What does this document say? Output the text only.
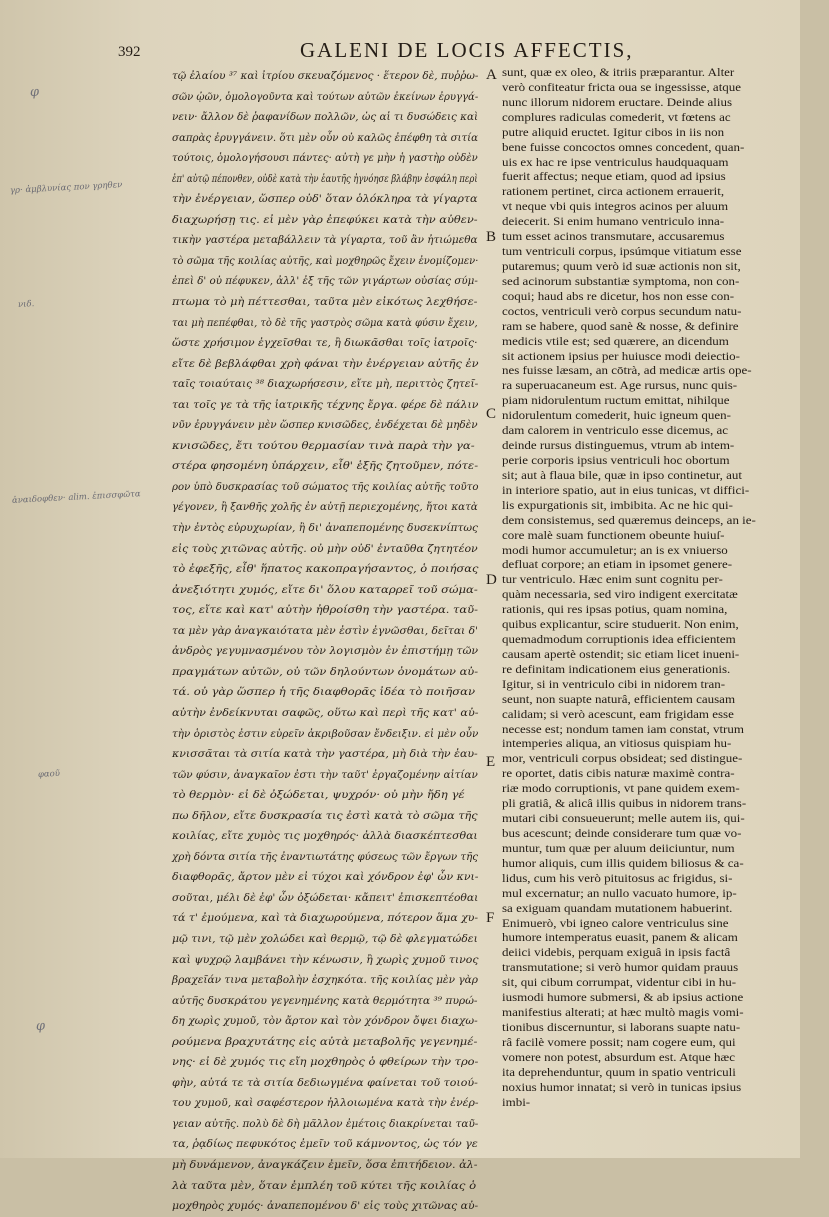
392	GALENI DE LOCIS AFFECTIS,
τῷ ἐλαίου ³⁷ καὶ ἰτρίου σκευαζόμενος · ἕτερον δὲ, πυῤῥω-
σῶν ᾠῶν, ὁμολογοῦντα καὶ τούτων αὐτῶν ἐκείνων ἐρυγγά-
νειν· ἄλλον δὲ ῥαφανίδων πολλῶν, ὡς αἱ τι δυσώδεις καὶ
σαπρὰς ἐρυγγάνειν. ὅτι μὲν οὖν οὐ καλῶς ἐπέφθη τὰ σιτία
τούτοις, ὁμολογήσουσι πάντες· αὐτὴ γε μὴν ἡ γαστὴρ οὐδὲν
ἐπ' αὐτῷ πέπονθεν, οὐδὲ κατὰ τὴν ἑαυτῆς ἠγνόησε βλάβην ἐσφάλη περὶ
τὴν ἐνέργειαν, ὥσπερ οὐδ' ὅταν ὁλόκληρα τὰ γίγαρτα
διαχωρήσῃ τις. εἰ μὲν γὰρ ἐπεφύκει κατὰ τὴν αὐθεν-
τικὴν γαστέρα μεταβάλλειν τὰ γίγαρτα, τοῦ ἂν ἠτιώμεθα
τὸ σῶμα τῆς κοιλίας αὐτῆς, καὶ μοχθηρῶς ἔχειν ἐνομίζομεν·
ἐπεὶ δ' οὐ πέφυκεν, ἀλλ' ἐξ τῆς τῶν γιγάρτων οὐσίας σύμ-
πτωμα τὸ μὴ πέττεσθαι, ταῦτα μὲν εἰκότως λεχθήσε-
ται μὴ πεπέφθαι, τὸ δὲ τῆς γαστρὸς σῶμα κατὰ φύσιν ἔχειν,
ὥστε χρήσιμον ἐγχεῖσθαι τε, ἢ διωκᾶσθαι τοῖς ἰατροῖς·
εἴτε δὲ βεβλάφθαι χρὴ φάναι τὴν ἐνέργειαν αὐτῆς ἐν
ταῖς τοιαύταις ³⁸ διαχωρήσεσιν, εἴτε μὴ, περιττὸς ζητεῖ-
ται τοῖς γε τὰ τῆς ἰατρικῆς τέχνης ἔργα. φέρε δὲ πάλιν
νῦν ἐρυγγάνειν μὲν ὥσπερ κνισῶδες, ἐνδέχεται δὲ μηδὲν
κνισῶδες, ἔτι τούτου θερμασίαν τινὰ παρὰ τὴν γα-
στέρα φησομένη ὑπάρχειν, εἶθ' ἑξῆς ζητοῦμεν, πότε-
ρον ὑπὸ δυσκρασίας τοῦ σώματος τῆς κοιλίας αὐτῆς τοῦτο
γέγονεν, ἢ ξανθῆς χολῆς ἐν αὐτῇ περιεχομένης, ἤτοι κατὰ
τὴν ἐντὸς εὐρυχωρίαν, ἢ δι' ἀναπεπομένης δυσεκνίπτως
εἰς τοὺς χιτῶνας αὐτῆς. οὐ μὴν οὐδ' ἐνταῦθα ζητητέον
τὸ ἐφεξῆς, εἶθ' ἥπατος κακοπραγήσαντος, ὁ ποιήσας
ἀνεξιότητι χυμός, εἴτε δι' ὅλου καταρρεῖ τοῦ σώμα-
τος, εἴτε καὶ κατ' αὐτὴν ἠθροίσθη τὴν γαστέρα. ταῦ-
τα μὲν γὰρ ἀναγκαιότατα μὲν ἐστὶν ἐγνῶσθαι, δεῖται δ'
ἀνδρὸς γεγυμνασμένου τὸν λογισμὸν ἐν ἐπιστήμῃ τῶν
πραγμάτων αὐτῶν, οὐ τῶν δηλούντων ὀνομάτων αὐ-
τά. οὐ γὰρ ὥσπερ ἡ τῆς διαφθορᾶς ἰδέα τὸ ποιῆσαν
αὐτὴν ἐνδείκνυται σαφῶς, οὕτω καὶ περὶ τῆς κατ' αὐ-
τὴν ὁριστὸς ἐστιν εὑρεῖν ἀκριβοῦσαν ἔνδειξιν. εἰ μὲν οὖν
κνισσᾶται τὰ σιτία κατὰ τὴν γαστέρα, μὴ διὰ τὴν ἑαυ-
τῶν φύσιν, ἀναγκαῖον ἐστι τὴν ταῦτ' ἐργαζομένην αἰτίαν
τὸ θερμὸν· εἰ δὲ ὀξώδεται, ψυχρόν· οὐ μὴν ἤδη γέ
πω δῆλον, εἴτε δυσκρασία τις ἐστὶ κατὰ τὸ σῶμα τῆς
κοιλίας, εἴτε χυμὸς τις μοχθηρός· ἀλλὰ διασκέπτεσθαι
χρὴ δόντα σιτία τῆς ἐναντιωτάτης φύσεως τῶν ἔργων τῆς
διαφθορᾶς, ἄρτον μὲν εἰ τύχοι καὶ χόνδρον ἐφ' ὧν κνι-
σοῦται, μέλι δὲ ἐφ' ὧν ὀξώδεται· κἄπειτ' ἐπισκεπτέοθαι
τά τ' ἐμούμενα, καὶ τὰ διαχωρούμενα, πότερον ἅμα χυ-
μῷ τινι, τῷ μὲν χολώδει καὶ θερμῷ, τῷ δὲ φλεγματώδει
καὶ ψυχρῷ λαμβάνει τὴν κένωσιν, ἢ χωρὶς χυμοῦ τινος
βραχεῖάν τινα μεταβολὴν ἐσχηκότα. τῆς κοιλίας μὲν γὰρ
αὐτῆς δυσκράτου γεγενημένης κατὰ θερμότητα ³⁹ πυρώ-
δη χωρὶς χυμοῦ, τὸν ἄρτον καὶ τὸν χόνδρον ὄψει διαχω-
ρούμενα βραχυτάτης εἰς αὐτὰ μεταβολῆς γεγενημέ-
νης· εἰ δὲ χυμός τις εἴη μοχθηρὸς ὁ φθείρων τὴν τρο-
φὴν, αὐτά τε τὰ σιτία δεδιωγμένα φαίνεται τοῦ τοιού-
του χυμοῦ, καὶ σαφέστερον ἠλλοιωμένα κατὰ τὴν ἐνέρ-
γειαν αὐτῆς. πολὺ δὲ δὴ μᾶλλον ἐμέτοις διακρίνεται ταῦ-
τα, ῥᾳδίως πεφυκότος ἐμεῖν τοῦ κάμνοντος, ὡς τόν γε
μὴ δυνάμενον, ἀναγκάζειν ἐμεῖν, ὅσα ἐπιτήδειον. ἀλ-
λὰ ταῦτα μὲν, ὅταν ἐμπλέη τοῦ κύτει τῆς κοιλίας ὁ
μοχθηρὸς χυμός· ἀναπεπομένου δ' εἰς τοὺς χιτῶνας αὐ-
sunt, quæ ex oleo, & itriis præparantur. Alter
verò confiteatur fricta oua se ingessisse, atque
nunc illorum nidorem eructare. Deinde alius
complures radiculas comederit, vt fœtens ac
putre aliquid eructet. Igitur cibos in iis non
bene fuisse concoctos omnes concedent, quan-
uis ex hac re ipse ventriculus haudquaquam
fuerit affectus; neque etiam, quod ad ipsius
rationem pertinet, circa actionem errauerit,
vt neque vbi quis integros acinos per aluum
deiecerit. Si enim humano ventriculo inna-
tum esset acinos transmutare, accusaremus
tum ventriculi corpus, ipsúmque vitiatum esse
putaremus; quum verò id suæ actionis non sit,
sed acinorum substantiæ symptoma, non con-
coqui; haud abs re dicetur, hos non esse con-
coctos, ventriculi verò corpus secundum natu-
ram se habere, quod sanè & nosse, & definire
medicis vtile est; sed quærere, an dicendum
sit actionem ipsius per huiusce modi deiectio-
nes fuisse læsam, an cōtrà, ad medicæ artis ope-
ra superuacaneum est. Age rursus, nunc quis-
piam nidorulentum ructum emittat, nihilque
nidorulentum comederit, huic igneum quen-
dam calorem in ventriculo esse dicemus, ac
deinde rursus distinguemus, vtrum ab intem-
perie corporis ipsius ventriculi hoc obortum
sit; aut à flaua bile, quæ in ipso continetur, aut
in interiore spatio, aut in eius tunicas, vt diffici-
lis expurgationis sit, imbibita. Ac ne hic qui-
dem consistemus, sed quæremus deinceps, an ie-
core malè suam functionem obeunte huiuſ-
modi humor accumuletur; an is ex vniuerso
defluat corpore; an etiam in ipsomet genere-
tur ventriculo. Hæc enim sunt cognitu per-
quàm necessaria, sed viro indigent exercitatæ
rationis, qui res ipsas potius, quam nomina,
quibus explicantur, scire studuerit. Non enim,
quemadmodum corruptionis idea efficientem
causam apertè ostendit; sic etiam licet inueni-
re definitam indicationem eius generationis.
Igitur, si in ventriculo cibi in nidorem tran-
seunt, non suapte naturâ, efficientem causam
calidam; si verò acescunt, eam frigidam esse
necesse est; nondum tamen iam constat, vtrum
intemperies aliqua, an vitiosus quispiam hu-
mor, ventriculi corpus obsideat; sed distingue-
re oportet, datis cibis naturæ maximè contra-
riæ modo corruptionis, vt pane quidem exem-
pli gratiâ, & alicâ illis quibus in nidorem trans-
mutari cibi consueuerunt; melle autem iis, qui-
bus acescunt; deinde considerare tum quæ vo-
muntur, tum quæ per aluum deiiciuntur, num
humor aliquis, cum illis quidem biliosus & ca-
lidus, cum his verò pituitosus ac frigidus, si-
mul excernatur; an nullo vacuato humore, ip-
sa exiguam quandam mutationem habuerint.
Enimuerò, vbi igneo calore ventriculus sine
humore intemperatus euasit, panem & alicam
deiici videbis, perquam exiguâ in ipsis factâ
transmutatione; si verò humor quidam prauus
sit, qui cibum corrumpat, videntur cibi in hu-
iusmodi humore submersi, & ab ipsius actione
manifestius alterati; at hæc multò magis vomi-
tionibus discernuntur, si laborans suapte natu-
râ facilè vomere possit; nam cogere eum, qui
vomere non potest, absurdum est. Atque hæc
ita deprehenduntur, quum in spatio ventriculi
noxius humor innatat; si verò in tunicas ipsius
imbi-
A
B
C
D
E
F
φ
γρ· ἀμβλυνίας πον γρηθεν
νιδ.
ἀναιδοφθεν· alim. ἐπισσφῶτα
φαοῦ
φ
